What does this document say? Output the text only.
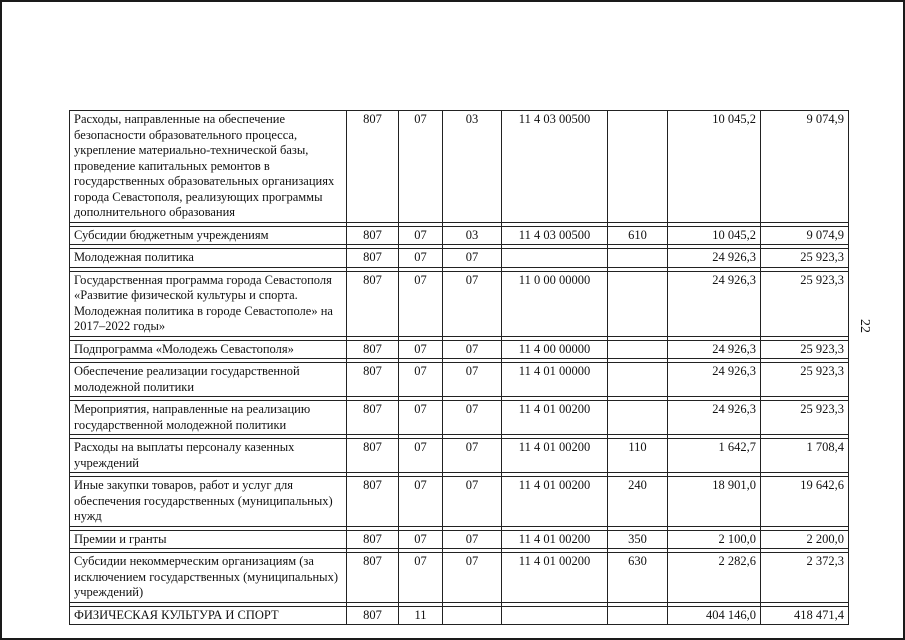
22
Расходы, направленные на обеспечение безопасности образовательного процесса, укрепление материально-технической базы, проведение капитальных ремонтов в государственных образовательных организациях города Севастополя, реализующих программы дополнительного образования	807	07	03	11 4 03 00500		10 045,2	9 074,9

Субсидии бюджетным учреждениям	807	07	03	11 4 03 00500	610	10 045,2	9 074,9

Молодежная политика	807	07	07			24 926,3	25 923,3

Государственная программа города Севастополя «Развитие физической культуры и спорта. Молодежная политика в городе Севастополе» на 2017–2022 годы»	807	07	07	11 0 00 00000		24 926,3	25 923,3

Подпрограмма «Молодежь Севастополя»	807	07	07	11 4 00 00000		24 926,3	25 923,3

Обеспечение реализации государственной молодежной политики	807	07	07	11 4 01 00000		24 926,3	25 923,3

Мероприятия, направленные на реализацию государственной молодежной политики	807	07	07	11 4 01 00200		24 926,3	25 923,3

Расходы на выплаты персоналу казенных учреждений	807	07	07	11 4 01 00200	110	1 642,7	1 708,4

Иные закупки товаров, работ и услуг для обеспечения государственных (муниципальных) нужд	807	07	07	11 4 01 00200	240	18 901,0	19 642,6

Премии и гранты	807	07	07	11 4 01 00200	350	2 100,0	2 200,0

Субсидии некоммерческим организациям (за исключением государственных (муниципальных) учреждений)	807	07	07	11 4 01 00200	630	2 282,6	2 372,3

ФИЗИЧЕСКАЯ КУЛЬТУРА И СПОРТ	807	11				404 146,0	418 471,4
